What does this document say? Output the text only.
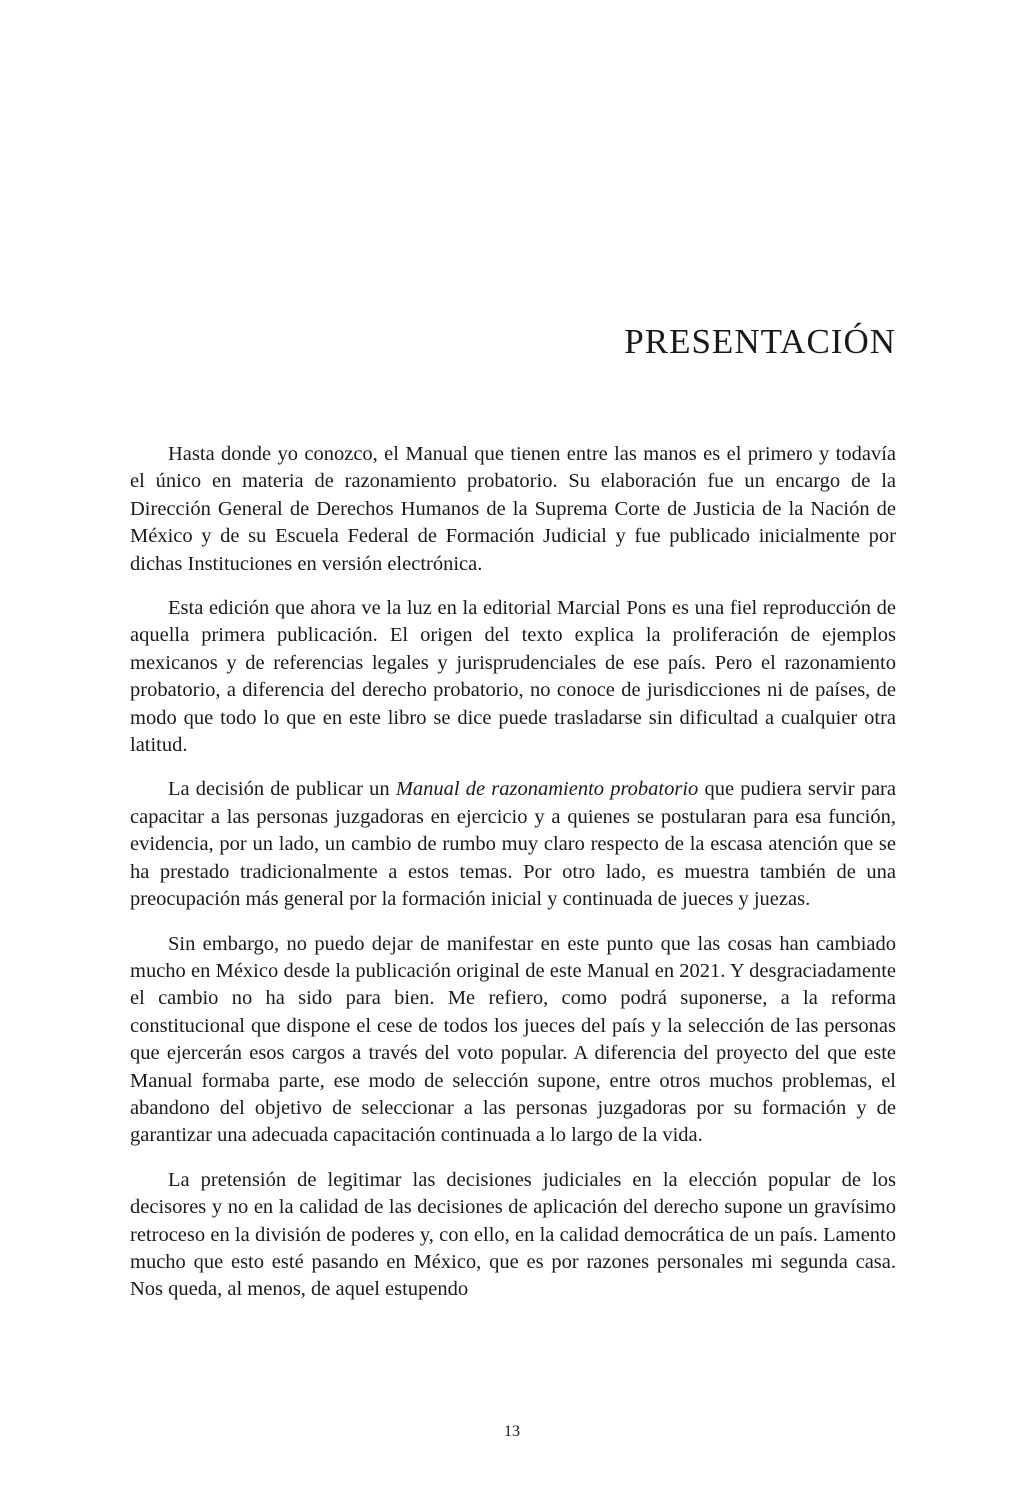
PRESENTACIÓN

Hasta donde yo conozco, el Manual que tienen entre las manos es el primero y todavía el único en materia de razonamiento probatorio. Su elaboración fue un encargo de la Dirección General de Derechos Humanos de la Suprema Corte de Justicia de la Nación de México y de su Escuela Federal de Formación Judicial y fue publicado inicialmente por dichas Instituciones en versión electrónica.

Esta edición que ahora ve la luz en la editorial Marcial Pons es una fiel reproducción de aquella primera publicación. El origen del texto explica la proliferación de ejemplos mexicanos y de referencias legales y jurisprudenciales de ese país. Pero el razonamiento probatorio, a diferencia del derecho probatorio, no conoce de jurisdicciones ni de países, de modo que todo lo que en este libro se dice puede trasladarse sin dificultad a cualquier otra latitud.

La decisión de publicar un Manual de razonamiento probatorio que pudiera servir para capacitar a las personas juzgadoras en ejercicio y a quienes se postularan para esa función, evidencia, por un lado, un cambio de rumbo muy claro respecto de la escasa atención que se ha prestado tradicionalmente a estos temas. Por otro lado, es muestra también de una preocupación más general por la formación inicial y continuada de jueces y juezas.

Sin embargo, no puedo dejar de manifestar en este punto que las cosas han cambiado mucho en México desde la publicación original de este Manual en 2021. Y desgraciadamente el cambio no ha sido para bien. Me refiero, como podrá suponerse, a la reforma constitucional que dispone el cese de todos los jueces del país y la selección de las personas que ejercerán esos cargos a través del voto popular. A diferencia del proyecto del que este Manual formaba parte, ese modo de selección supone, entre otros muchos problemas, el abandono del objetivo de seleccionar a las personas juzgadoras por su formación y de garantizar una adecuada capacitación continuada a lo largo de la vida.

La pretensión de legitimar las decisiones judiciales en la elección popular de los decisores y no en la calidad de las decisiones de aplicación del derecho supone un gravísimo retroceso en la división de poderes y, con ello, en la calidad democrática de un país. Lamento mucho que esto esté pasando en México, que es por razones personales mi segunda casa. Nos queda, al menos, de aquel estupendo

13
